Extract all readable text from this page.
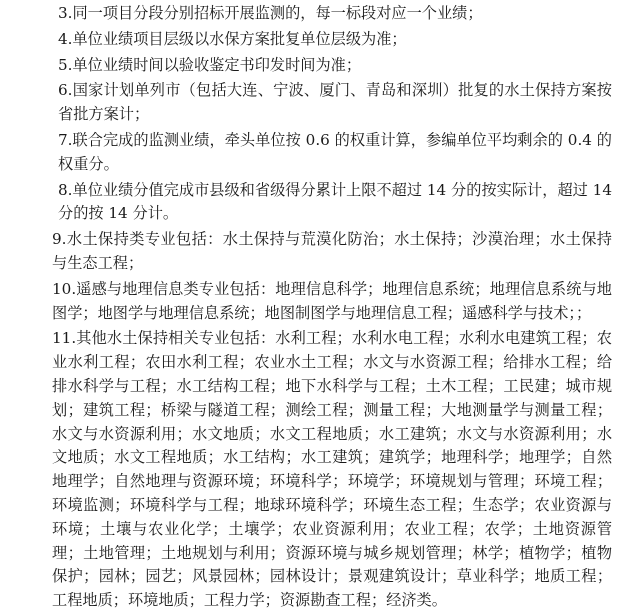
3.同一项目分段分别招标开展监测的，每一标段对应一个业绩；

4.单位业绩项目层级以水保方案批复单位层级为准；

5.单位业绩时间以验收鉴定书印发时间为准；

6.国家计划单列市（包括大连、宁波、厦门、青岛和深圳）批复的水土保持方案按省批方案计；

7.联合完成的监测业绩，牵头单位按 0.6 的权重计算，参编单位平均剩余的 0.4 的权重分。

8.单位业绩分值完成市县级和省级得分累计上限不超过 14 分的按实际计，超过 14 分的按 14 分计。

9.水土保持类专业包括：水土保持与荒漠化防治；水土保持；沙漠治理；水土保持与生态工程；

10.遥感与地理信息类专业包括：地理信息科学；地理信息系统；地理信息系统与地图学；地图学与地理信息系统；地图制图学与地理信息工程；遥感科学与技术；；

11.其他水土保持相关专业包括：水利工程；水利水电工程；水利水电建筑工程；农业水利工程；农田水利工程；农业水土工程；水文与水资源工程；给排水工程；给排水科学与工程；水工结构工程；地下水科学与工程；土木工程；工民建；城市规划；建筑工程；桥梁与隧道工程；测绘工程；测量工程；大地测量学与测量工程；水文与水资源利用；水文地质；水文工程地质；水工建筑；水文与水资源利用；水文地质；水文工程地质；水工结构；水工建筑；建筑学；地理科学；地理学；自然地理学；自然地理与资源环境；环境科学；环境学；环境规划与管理；环境工程；环境监测；环境科学与工程；地球环境科学；环境生态工程；生态学；农业资源与环境；土壤与农业化学；土壤学；农业资源利用；农业工程；农学；土地资源管理；土地管理；土地规划与利用；资源环境与城乡规划管理；林学；植物学；植物保护；园林；园艺；风景园林；园林设计；景观建筑设计；草业科学；地质工程；工程地质；环境地质；工程力学；资源勘查工程；经济类。
